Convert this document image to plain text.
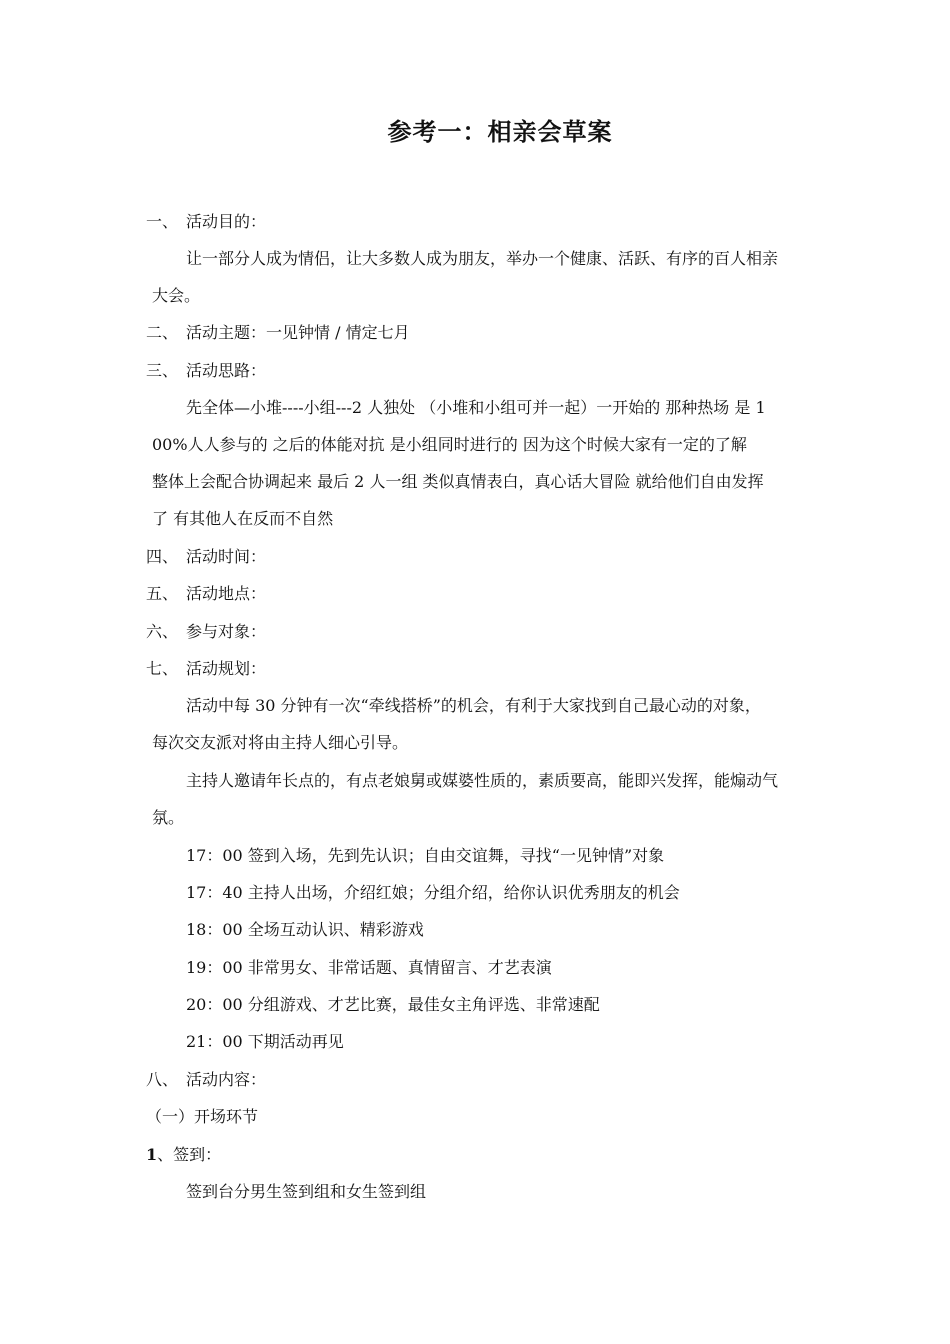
参考一：相亲会草案
一、 活动目的：
让一部分人成为情侣，让大多数人成为朋友，举办一个健康、活跃、有序的百人相亲
大会。
二、 活动主题：一见钟情 / 情定七月
三、 活动思路：
先全体—小堆----小组---2 人独处 （小堆和小组可并一起）一开始的 那种热场 是 1
00%人人参与的 之后的体能对抗 是小组同时进行的 因为这个时候大家有一定的了解
整体上会配合协调起来 最后 2 人一组 类似真情表白，真心话大冒险 就给他们自由发挥
了 有其他人在反而不自然
四、 活动时间：
五、 活动地点：
六、 参与对象：
七、 活动规划：
活动中每 30 分钟有一次“牵线搭桥”的机会，有利于大家找到自己最心动的对象，
每次交友派对将由主持人细心引导。
主持人邀请年长点的，有点老娘舅或媒婆性质的，素质要高，能即兴发挥，能煽动气
氛。
17：00 签到入场，先到先认识；自由交谊舞，寻找“一见钟情”对象
17：40 主持人出场，介绍红娘；分组介绍，给你认识优秀朋友的机会
18：00 全场互动认识、精彩游戏
19：00 非常男女、非常话题、真情留言、才艺表演
20：00 分组游戏、才艺比赛，最佳女主角评选、非常速配
21：00 下期活动再见
八、 活动内容：
（一）开场环节
1、签到：
签到台分男生签到组和女生签到组
